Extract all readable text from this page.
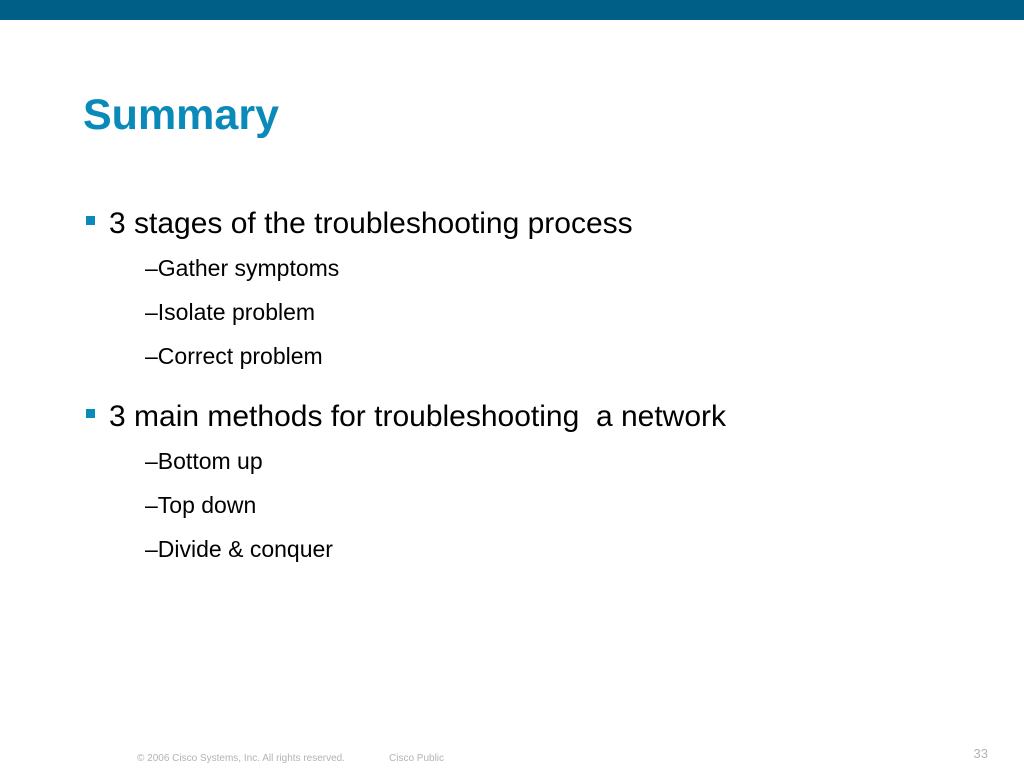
Summary
3 stages of the troubleshooting process
–Gather symptoms
–Isolate problem
–Correct problem
3 main methods for troubleshooting  a network
–Bottom up
–Top down
–Divide & conquer
© 2006 Cisco Systems, Inc. All rights reserved.	Cisco Public	33
